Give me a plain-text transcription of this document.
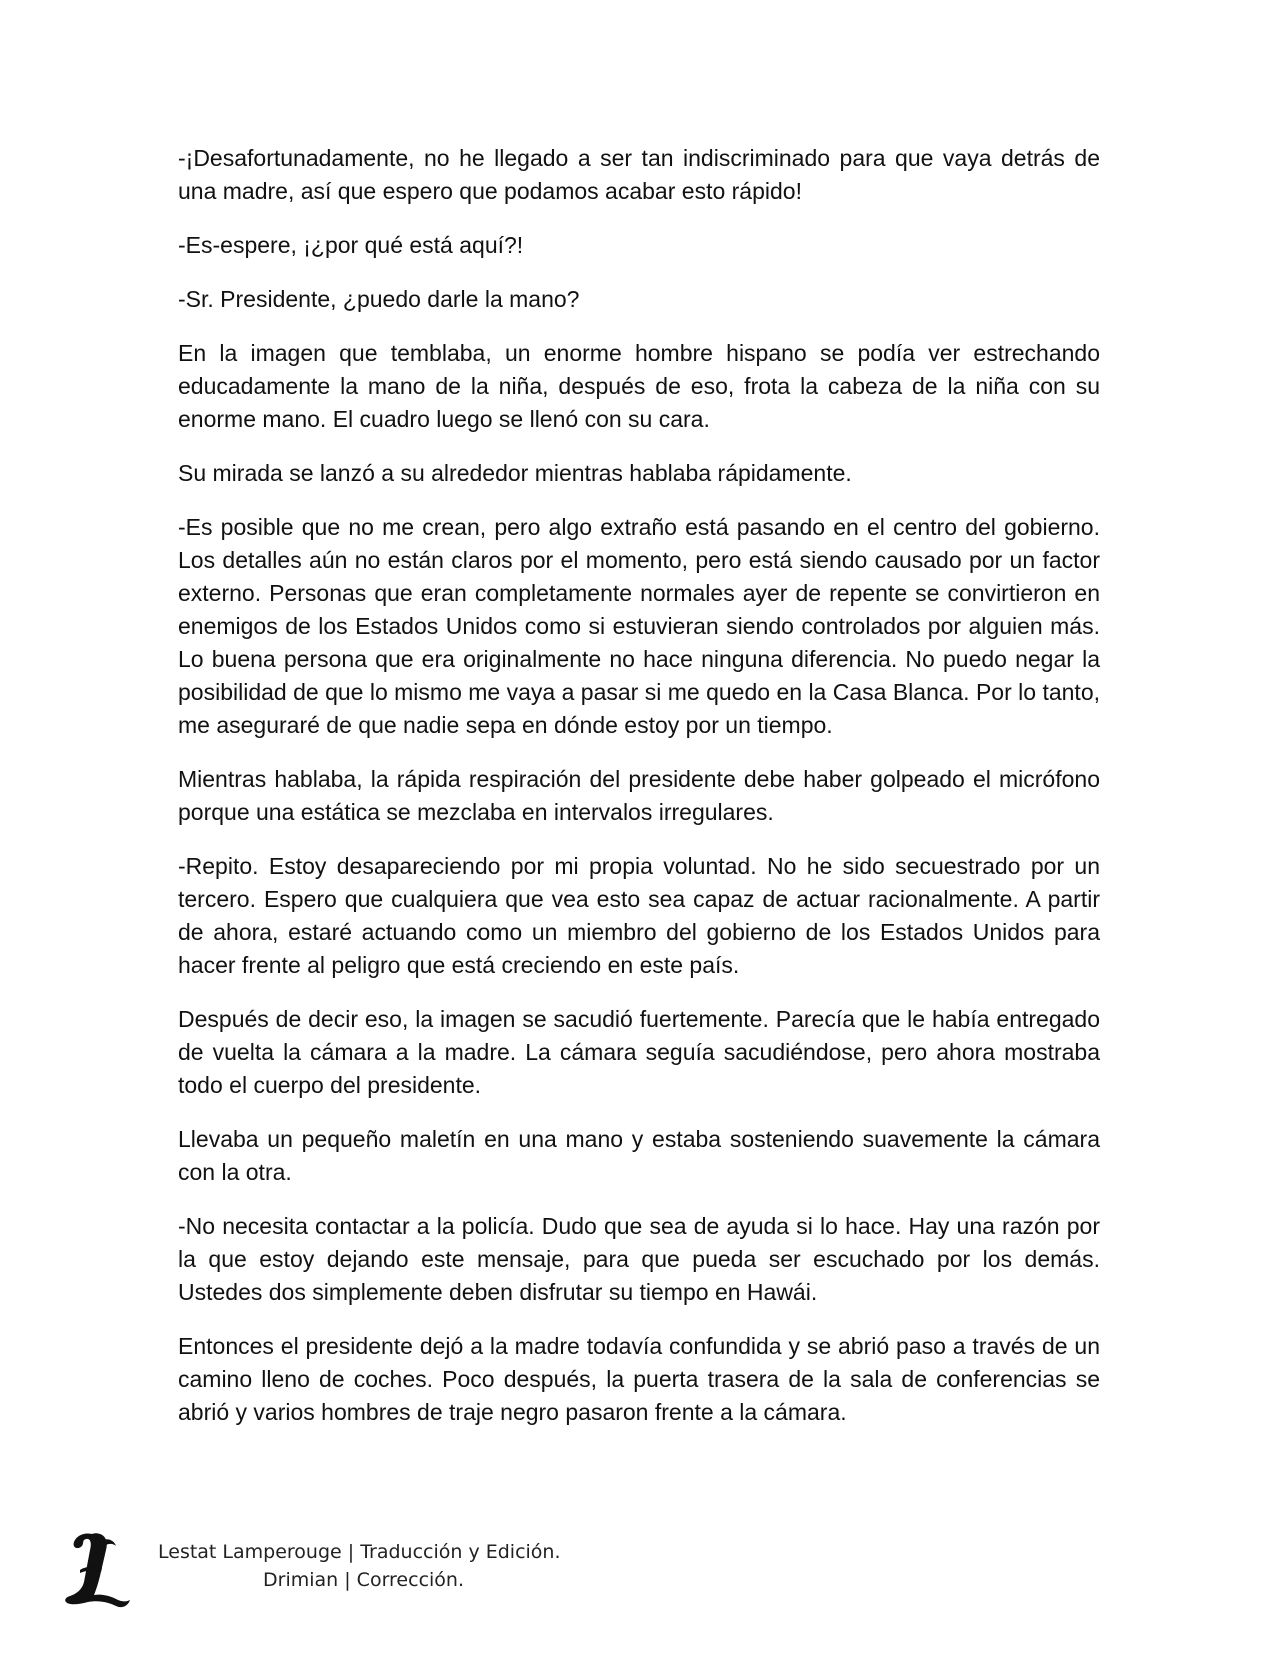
-¡Desafortunadamente, no he llegado a ser tan indiscriminado para que vaya detrás de una madre, así que espero que podamos acabar esto rápido!

-Es-espere, ¡¿por qué está aquí?!

-Sr. Presidente, ¿puedo darle la mano?

En la imagen que temblaba, un enorme hombre hispano se podía ver estrechando educadamente la mano de la niña, después de eso, frota la cabeza de la niña con su enorme mano. El cuadro luego se llenó con su cara.

Su mirada se lanzó a su alrededor mientras hablaba rápidamente.

-Es posible que no me crean, pero algo extraño está pasando en el centro del gobierno. Los detalles aún no están claros por el momento, pero está siendo causado por un factor externo. Personas que eran completamente normales ayer de repente se convirtieron en enemigos de los Estados Unidos como si estuvieran siendo controlados por alguien más. Lo buena persona que era originalmente no hace ninguna diferencia. No puedo negar la posibilidad de que lo mismo me vaya a pasar si me quedo en la Casa Blanca. Por lo tanto, me aseguraré de que nadie sepa en dónde estoy por un tiempo.

Mientras hablaba, la rápida respiración del presidente debe haber golpeado el micrófono porque una estática se mezclaba en intervalos irregulares.

-Repito. Estoy desapareciendo por mi propia voluntad. No he sido secuestrado por un tercero. Espero que cualquiera que vea esto sea capaz de actuar racionalmente. A partir de ahora, estaré actuando como un miembro del gobierno de los Estados Unidos para hacer frente al peligro que está creciendo en este país.

Después de decir eso, la imagen se sacudió fuertemente. Parecía que le había entregado de vuelta la cámara a la madre. La cámara seguía sacudiéndose, pero ahora mostraba todo el cuerpo del presidente.

Llevaba un pequeño maletín en una mano y estaba sosteniendo suavemente la cámara con la otra.

-No necesita contactar a la policía. Dudo que sea de ayuda si lo hace. Hay una razón por la que estoy dejando este mensaje, para que pueda ser escuchado por los demás. Ustedes dos simplemente deben disfrutar su tiempo en Hawái.

Entonces el presidente dejó a la madre todavía confundida y se abrió paso a través de un camino lleno de coches. Poco después, la puerta trasera de la sala de conferencias se abrió y varios hombres de traje negro pasaron frente a la cámara.

Lestat Lamperouge | Traducción y Edición.
Drimian | Corrección.
